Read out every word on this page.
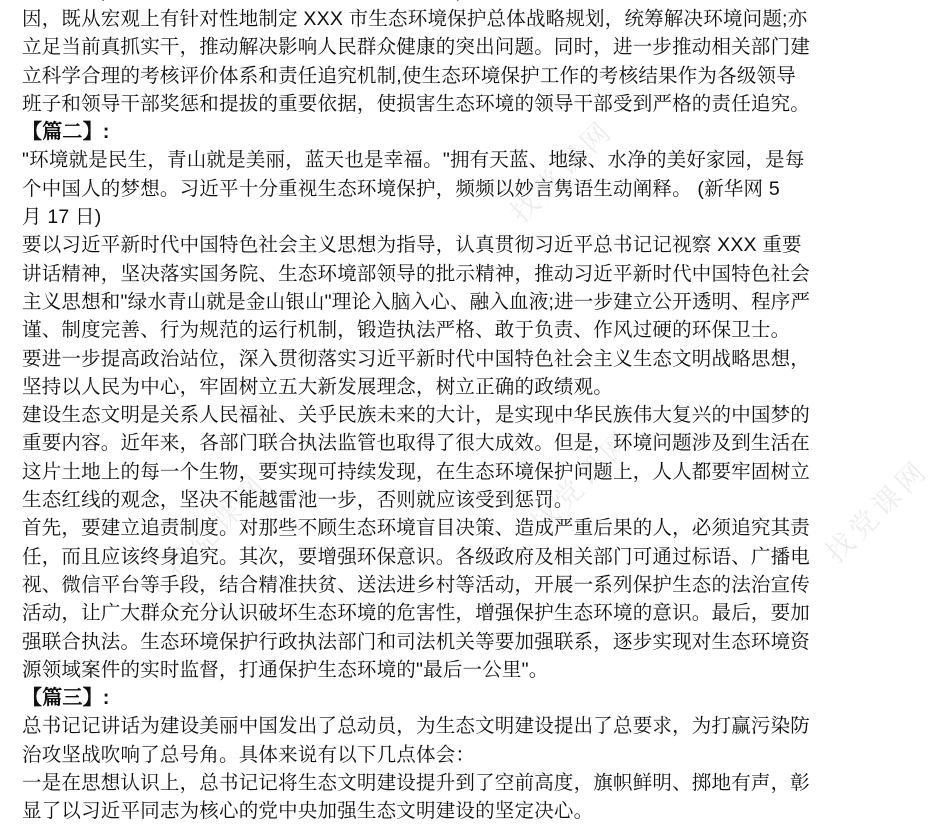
找党课网
找党课网	找党课网	找党课网
因，既从宏观上有针对性地制定 XXX 市生态环境保护总体战略规划，统筹解决环境问题;亦
立足当前真抓实干，推动解决影响人民群众健康的突出问题。同时，进一步推动相关部门建
立科学合理的考核评价体系和责任追究机制,使生态环境保护工作的考核结果作为各级领导
班子和领导干部奖惩和提拔的重要依据，使损害生态环境的领导干部受到严格的责任追究。
【篇二】:
"环境就是民生，青山就是美丽，蓝天也是幸福。"拥有天蓝、地绿、水净的美好家园，是每
个中国人的梦想。习近平十分重视生态环境保护，频频以妙言隽语生动阐释。 (新华网 5
月 17 日)
要以习近平新时代中国特色社会主义思想为指导，认真贯彻习近平总书记记视察 XXX 重要
讲话精神，坚决落实国务院、生态环境部领导的批示精神，推动习近平新时代中国特色社会
主义思想和"绿水青山就是金山银山"理论入脑入心、融入血液;进一步建立公开透明、程序严
谨、制度完善、行为规范的运行机制，锻造执法严格、敢于负责、作风过硬的环保卫士。
要进一步提高政治站位，深入贯彻落实习近平新时代中国特色社会主义生态文明战略思想，
坚持以人民为中心，牢固树立五大新发展理念，树立正确的政绩观。
建设生态文明是关系人民福祉、关乎民族未来的大计，是实现中华民族伟大复兴的中国梦的
重要内容。近年来，各部门联合执法监管也取得了很大成效。但是，环境问题涉及到生活在
这片土地上的每一个生物，要实现可持续发现，在生态环境保护问题上，人人都要牢固树立
生态红线的观念，坚决不能越雷池一步，否则就应该受到惩罚。
首先，要建立追责制度。对那些不顾生态环境盲目决策、造成严重后果的人，必须追究其责
任，而且应该终身追究。其次，要增强环保意识。各级政府及相关部门可通过标语、广播电
视、微信平台等手段，结合精准扶贫、送法进乡村等活动，开展一系列保护生态的法治宣传
活动，让广大群众充分认识破坏生态环境的危害性，增强保护生态环境的意识。最后，要加
强联合执法。生态环境保护行政执法部门和司法机关等要加强联系，逐步实现对生态环境资
源领域案件的实时监督，打通保护生态环境的"最后一公里"。
【篇三】:
总书记记讲话为建设美丽中国发出了总动员，为生态文明建设提出了总要求，为打赢污染防
治攻坚战吹响了总号角。具体来说有以下几点体会：
一是在思想认识上，总书记记将生态文明建设提升到了空前高度，旗帜鲜明、掷地有声，彰
显了以习近平同志为核心的党中央加强生态文明建设的坚定决心。
